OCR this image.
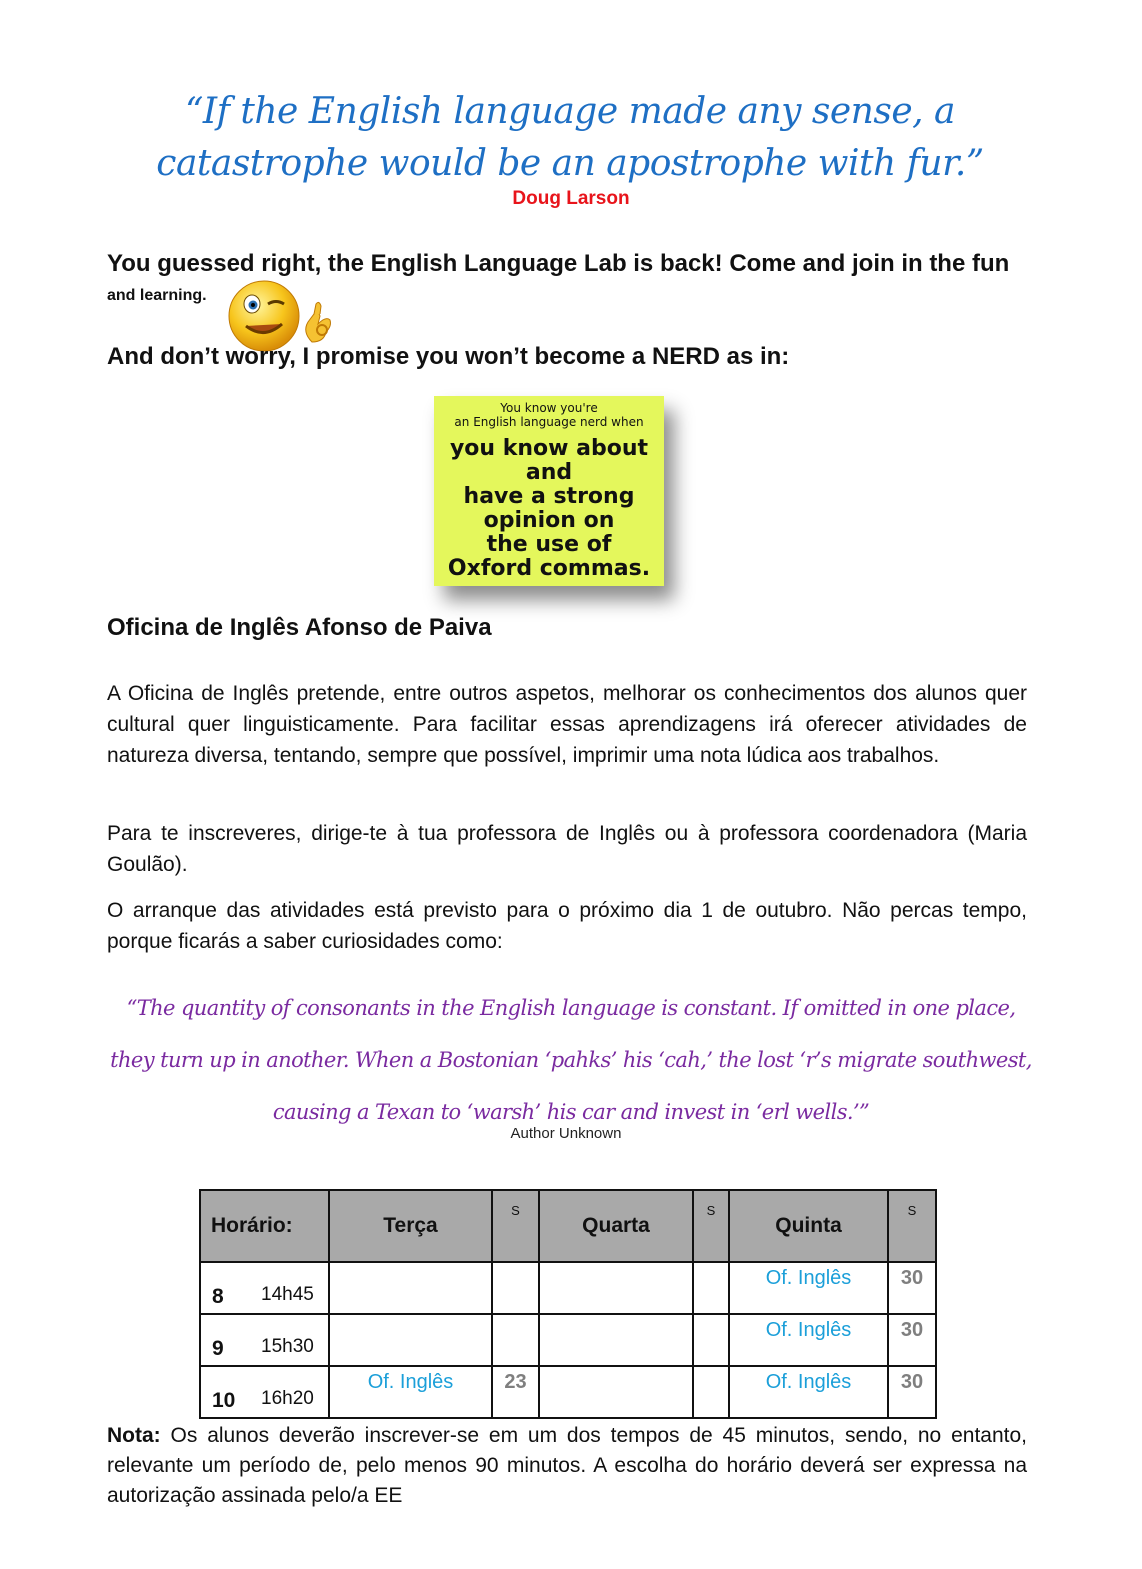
“If the English language made any sense, a catastrophe would be an apostrophe with fur.”
Doug Larson
You guessed right, the English Language Lab is back! Come and join in the fun
and learning.
And don’t worry, I promise you won’t become a NERD as in:
You know you're
an English language nerd when
you know about
and
have a strong
opinion on
the use of
Oxford commas.
Oficina de Inglês Afonso de Paiva
A Oficina de Inglês pretende, entre outros aspetos, melhorar os conhecimentos dos alunos quer cultural quer linguisticamente. Para facilitar essas aprendizagens irá oferecer atividades de natureza diversa, tentando, sempre que possível, imprimir uma nota lúdica aos trabalhos.
Para te inscreveres, dirige-te à tua professora de Inglês ou à professora coordenadora (Maria Goulão).
O arranque das atividades está previsto para o próximo dia 1 de outubro. Não percas tempo, porque ficarás a saber curiosidades como:
“The quantity of consonants in the English language is constant. If omitted in one place, they turn up in another. When a Bostonian ‘pahks’ his ‘cah,’ the lost ‘r’s migrate southwest, causing a Texan to ‘warsh’ his car and invest in ‘erl wells.’”
Author Unknown
Horário:	Terça	S	Quarta	S	Quinta	S

8 14h45					Of. Inglês	30

9 15h30					Of. Inglês	30

10 16h20	Of. Inglês	23			Of. Inglês	30
Nota: Os alunos deverão inscrever-se em um dos tempos de 45 minutos, sendo, no entanto, relevante um período de, pelo menos 90 minutos. A escolha do horário deverá ser expressa na autorização assinada pelo/a EE
